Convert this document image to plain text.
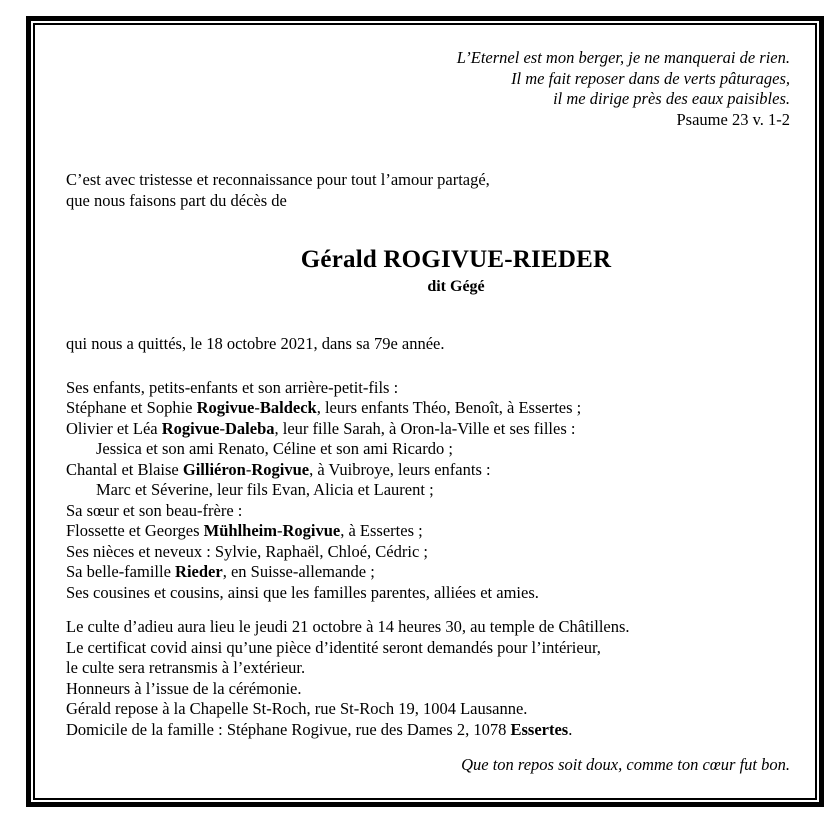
L’Eternel est mon berger, je ne manquerai de rien.
Il me fait reposer dans de verts pâturages,
il me dirige près des eaux paisibles.
Psaume 23 v. 1-2
C’est avec tristesse et reconnaissance pour tout l’amour partagé,
que nous faisons part du décès de
Gérald ROGIVUE-RIEDER
dit Gégé
qui nous a quittés, le 18 octobre 2021, dans sa 79e année.
Ses enfants, petits-enfants et son arrière-petit-fils :
Stéphane et Sophie Rogivue-Baldeck, leurs enfants Théo, Benoît, à Essertes ;
Olivier et Léa Rogivue-Daleba, leur fille Sarah, à Oron-la-Ville et ses filles :
Jessica et son ami Renato, Céline et son ami Ricardo ;
Chantal et Blaise Gilliéron-Rogivue, à Vuibroye, leurs enfants :
Marc et Séverine, leur fils Evan, Alicia et Laurent ;
Sa sœur et son beau-frère :
Flossette et Georges Mühlheim-Rogivue, à Essertes ;
Ses nièces et neveux : Sylvie, Raphaël, Chloé, Cédric ;
Sa belle-famille Rieder, en Suisse-allemande ;
Ses cousines et cousins, ainsi que les familles parentes, alliées et amies.
Le culte d’adieu aura lieu le jeudi 21 octobre à 14 heures 30, au temple de Châtillens.
Le certificat covid ainsi qu’une pièce d’identité seront demandés pour l’intérieur,
le culte sera retransmis à l’extérieur.
Honneurs à l’issue de la cérémonie.
Gérald repose à la Chapelle St-Roch, rue St-Roch 19, 1004 Lausanne.
Domicile de la famille : Stéphane Rogivue, rue des Dames 2, 1078 Essertes.
Que ton repos soit doux, comme ton cœur fut bon.
